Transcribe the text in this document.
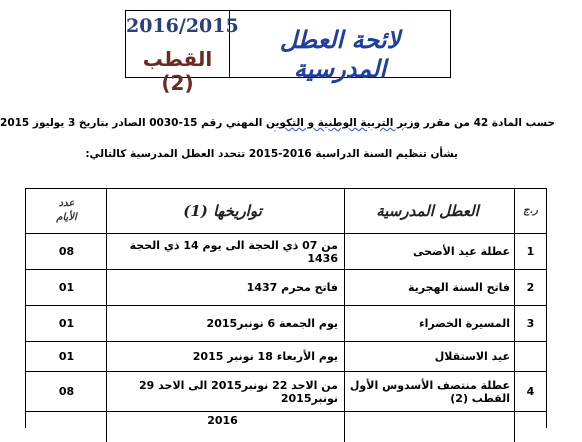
2016/2015
القطب (2)
لائحة العطل المدرسية
حسب المادة 42 من مقرر وزير التربية الوطنية و التكوين المهني رقم 15-0030 الصادر بتاريخ 3 يوليوز 2015
يشأن تنظيم السنة الدراسية 2016-2015 تتحدد العطل المدرسية كالتالي:
ر.ج
العطل المدرسية
تواريخها (1)
عدد
الأيام
1
عطلة عيد الأضحى
من 07 ذي الحجة الى يوم 14 ذي الحجة 1436
08
2
فاتح السنة الهجرية
فاتح محرم 1437
01
3
المسيرة الخضراء
يوم الجمعة 6 نونبر2015
01
عيد الاستقلال
يوم الأربعاء 18 نونبر 2015
01
4
عطلة منتصف الأسدوس الأول القطب (2)
من الاحد 22 نونبر2015 الى الاحد 29 نونبر2015
08
2016
